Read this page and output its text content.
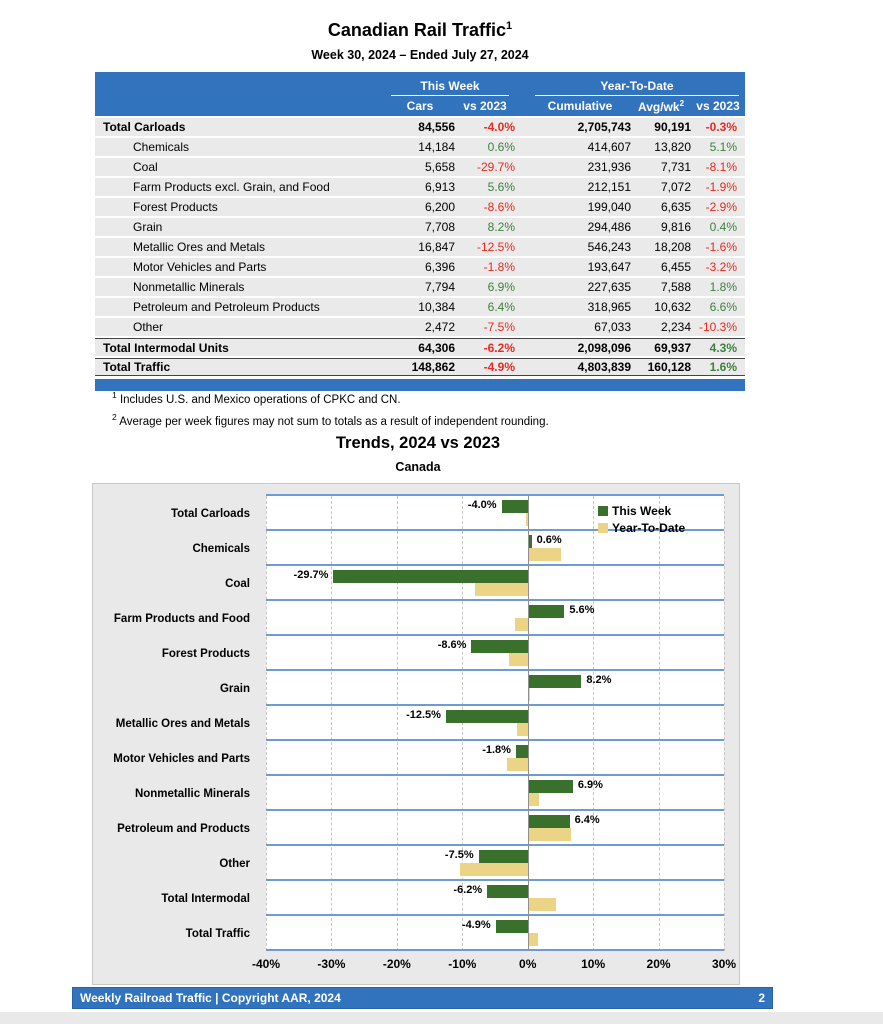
Canadian Rail Traffic$^1$
Week 30, 2024 – Ended July 27, 2024
This Week	Year-To-Date
Cars	vs 2023	Cumulative	Avg/$wk^2$	vs 2023
Total Carloads	84,556	-4.0%	2,705,743	90,191	-0.3%
Chemicals	14,184	0.6%	414,607	13,820	5.1%
Coal	5,658	-29.7%	231,936	7,731	-8.1%
Farm Products excl. Grain, and Food	6,913	5.6%	212,151	7,072	-1.9%
Forest Products	6,200	-8.6%	199,040	6,635	-2.9%
Grain	7,708	8.2%	294,486	9,816	0.4%
Metallic Ores and Metals	16,847	-12.5%	546,243	18,208	-1.6%
Motor Vehicles and Parts	6,396	-1.8%	193,647	6,455	-3.2%
Nonmetallic Minerals	7,794	6.9%	227,635	7,588	1.8%
Petroleum and Petroleum Products	10,384	6.4%	318,965	10,632	6.6%
Other	2,472	-7.5%	67,033	2,234 -10.3%
Total Intermodal Units	64,306	-6.2%	2,098,096	69,937	4.3%
Total Traffic	148,862	-4.9%	4,803,839	160,128	1.6%
$^1$ Includes U.S. and Mexico operations of CPKC and CN.
$^2$ Average per week figures may not sum to totals as a result of independent rounding.
Trends, 2024 vs 2023
Canada
Total Carloads
Chemicals
Coal
Farm Products and Food
Forest Products
Grain
Metallic Ores and Metals
Motor Vehicles and Parts
Nonmetallic Minerals
Petroleum and Products
Other
Total Intermodal
Total Traffic
This Week
Year-To-Date
-4.0%
0.6%
-29.7%
5.6%
-8.6%
8.2%
-12.5%
-1.8%
6.9%
6.4%
-7.5%
-6.2%
-4.9%
-40%	-30%	-20%	-10%	0%	10%	20%	30%
Weekly Railroad Traffic | Copyright AAR, 2024	2
